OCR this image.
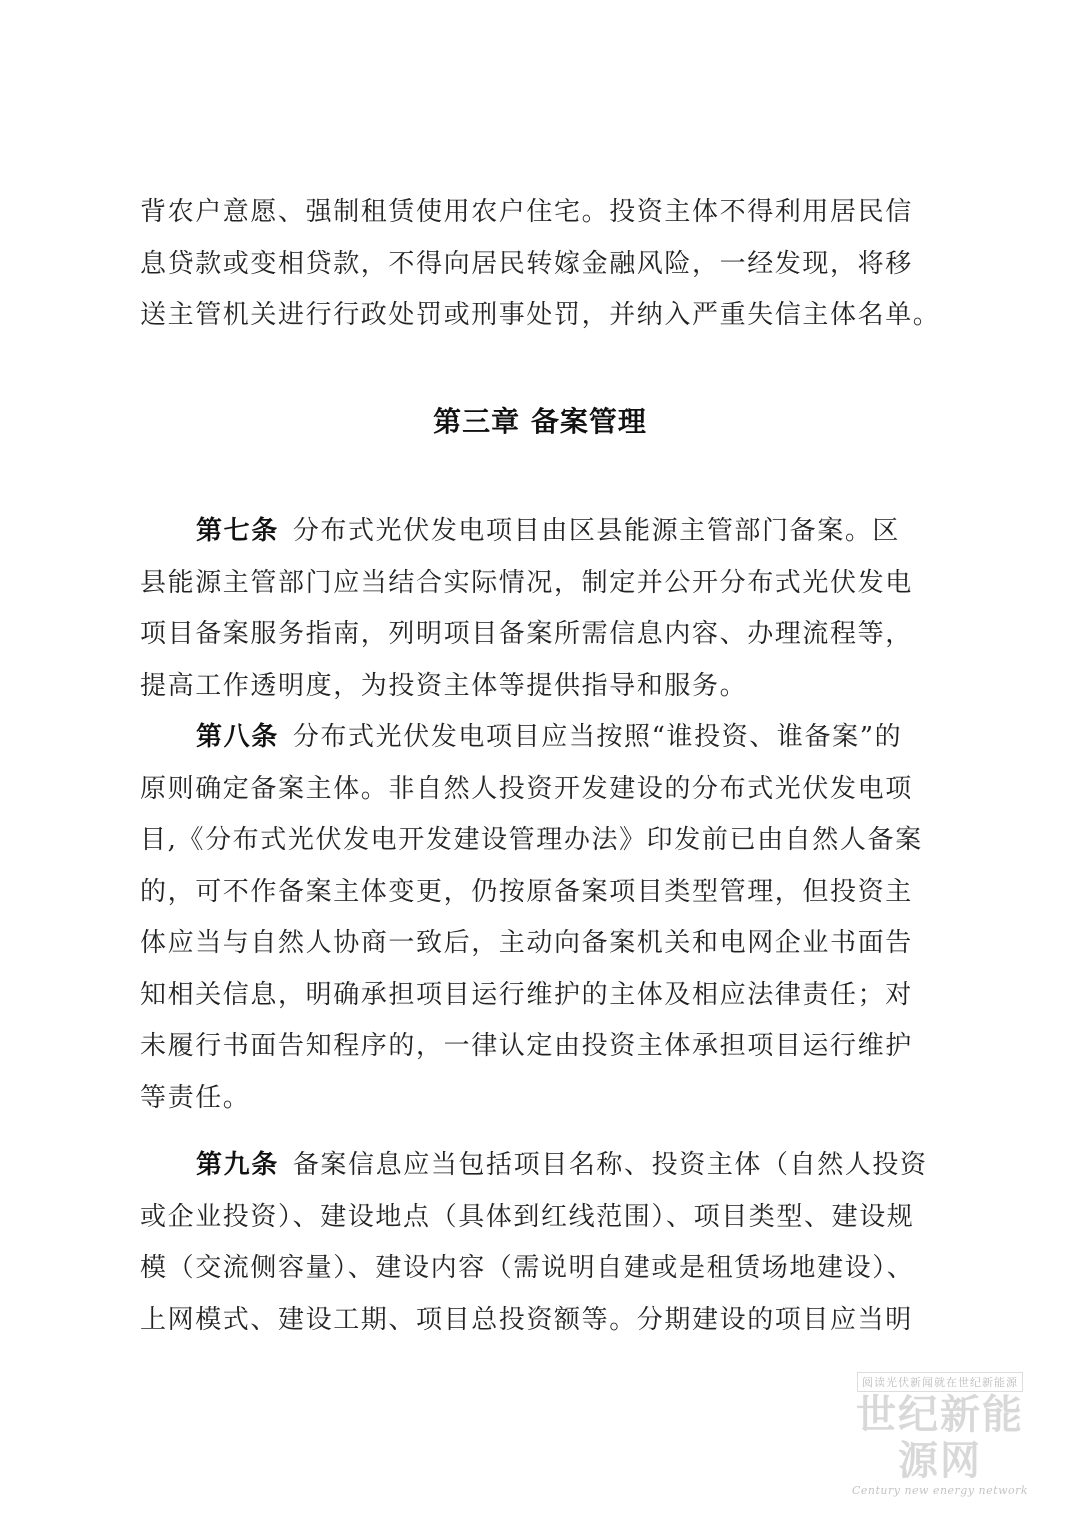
背农户意愿、强制租赁使用农户住宅。投资主体不得利用居民信
息贷款或变相贷款，不得向居民转嫁金融风险，一经发现，将移
送主管机关进行行政处罚或刑事处罚，并纳入严重失信主体名单。
第三章 备案管理
第七条 分布式光伏发电项目由区县能源主管部门备案。区
县能源主管部门应当结合实际情况，制定并公开分布式光伏发电
项目备案服务指南，列明项目备案所需信息内容、办理流程等，
提高工作透明度，为投资主体等提供指导和服务。
第八条 分布式光伏发电项目应当按照“谁投资、谁备案”的
原则确定备案主体。非自然人投资开发建设的分布式光伏发电项
目,《分布式光伏发电开发建设管理办法》印发前已由自然人备案
的，可不作备案主体变更，仍按原备案项目类型管理，但投资主
体应当与自然人协商一致后，主动向备案机关和电网企业书面告
知相关信息，明确承担项目运行维护的主体及相应法律责任；对
未履行书面告知程序的，一律认定由投资主体承担项目运行维护
等责任。
第九条 备案信息应当包括项目名称、投资主体（自然人投资
或企业投资）、建设地点（具体到红线范围）、项目类型、建设规
模（交流侧容量）、建设内容（需说明自建或是租赁场地建设）、
上网模式、建设工期、项目总投资额等。分期建设的项目应当明
阅读光伏新闻就在世纪新能源
世纪新能源网
Century new energy network
